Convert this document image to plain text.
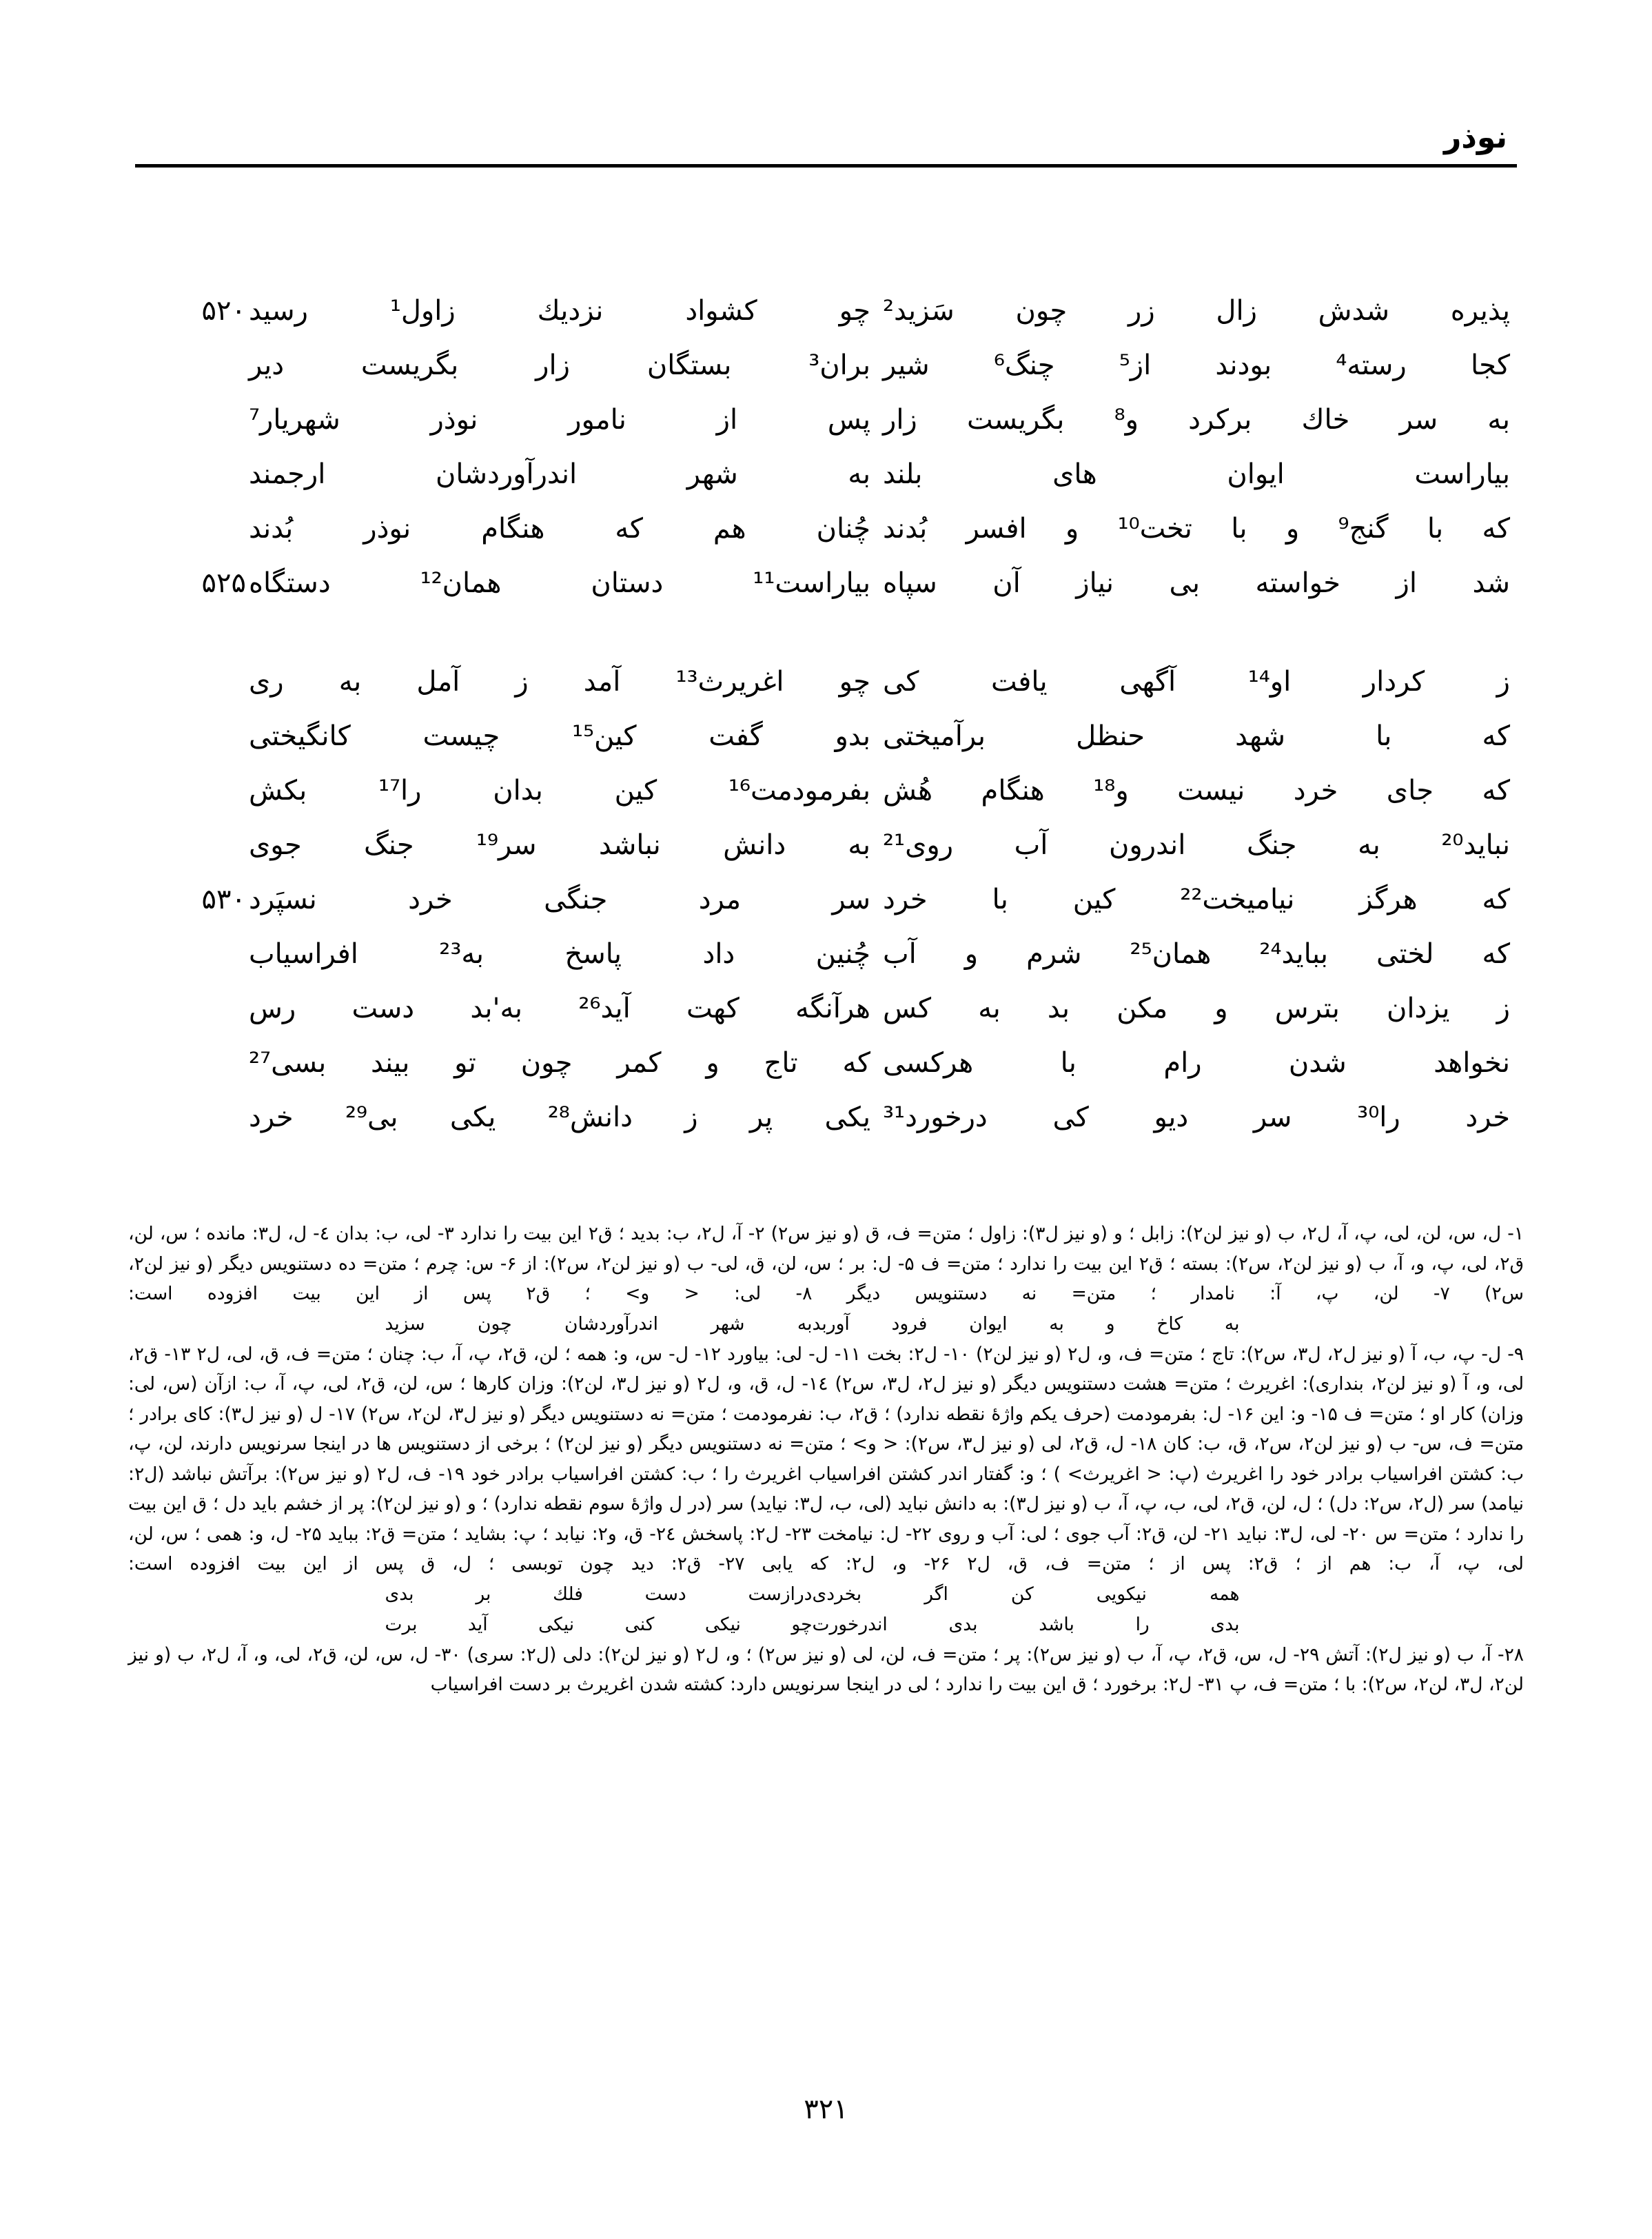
نوذر
پذیره شدش زال زر چون سَزید²
چو کشواد نزدیك زاول¹ رسید
۵۲۰
کجا رسته⁴ بودند از⁵ چنگ⁶ شیر
بران³ بستگان زار بگریست دیر
به سر خاك برکرد و⁸ بگریست زار
پس از نامور نوذر شهریار⁷
بیاراست ایوان های بلند
به شهر اندرآوردشان ارجمند
که با گنج⁹ و با تخت¹⁰ و افسر بُدند
چُنان هم که هنگام نوذر بُدند
شد از خواسته بی نیاز آن سپاه
بیاراست¹¹ دستان همان¹² دستگاه
۵۲۵
ز کردار او¹⁴ آگهی یافت کی
چو اغریرث¹³ آمد ز آمل به ری
که با شهد حنظل برآمیختی
بدو گفت کین¹⁵ چیست کانگیختی
که جای خرد نیست و¹⁸ هنگام هُش
بفرمودمت¹⁶ کین بدان را¹⁷ بکش
نباید²⁰ به جنگ اندرون آب روی²¹
به دانش نباشد سر¹⁹ جنگ جوی
که هرگز نیامیخت²² کین با خرد
سر مرد جنگی خرد نسپَرد
۵۳۰
که لختی بباید²⁴ همان²⁵ شرم و آب
چُنین داد پاسخ به²³ افراسیاب
ز یزدان بترس و مکن بد به کس
هرآنگه کهت آید²⁶ به'بد دست رس
نخواهد شدن رام با هرکسی
که تاج و کمر چون تو بیند بسی²⁷
خرد را³⁰ سر دیو کی درخورد³¹
یکی پر ز دانش²⁸ یکی بی²⁹ خرد

۱- ل، س، لن، لی، پ، آ، ل۲، ب (و نیز لن۲): زابل ؛ و (و نیز ل۳): زاول ؛ متن= ف، ق (و نیز س۲) ۲- آ، ل۲، ب: بدید ؛ ق۲ این بیت را ندارد ۳- لی، ب: بدان ٤- ل، ل۳: مانده ؛ س، لن، ق۲، لی، پ، و، آ، ب (و نیز لن۲، س۲): بسته ؛ ق۲ این بیت را ندارد ؛ متن= ف ۵- ل: بر ؛ س، لن، ق، لی- ب (و نیز لن۲، س۲): از ۶- س: چرم ؛ متن= ده دستنویس دیگر (و نیز لن۲، س۲) ۷- لن، پ، آ: نامدار ؛ متن= نه دستنویس دیگر ۸- لی: < و> ؛ ق۲ پس از این بیت افزوده است:

به کاخ و به ایوان فرود آوربدبه شهر اندرآوردشان چون سزید

۹- ل- پ، ب، آ (و نیز ل۲، ل۳، س۲): تاج ؛ متن= ف، و، ل۲ (و نیز لن۲) ۱۰- ل۲: بخت ۱۱- ل- لی: بیاورد ۱۲- ل- س، و: همه ؛ لن، ق۲، پ، آ، ب: چنان ؛ متن= ف، ق، لی، ل۲ ۱۳- ق۲، لی، و، آ (و نیز لن۲، بنداری): اغریرث ؛ متن= هشت دستنویس دیگر (و نیز ل۲، ل۳، س۲) ۱٤- ل، ق، و، ل۲ (و نیز ل۳، لن۲): وزان کارها ؛ س، لن، ق۲، لی، پ، آ، ب: ازآن (س، لی: وزان) کار او ؛ متن= ف ۱۵- و: این ۱۶- ل: بفرمودمت (حرف یکم واژهٔ نقطه ندارد) ؛ ق۲، ب: نفرمودمت ؛ متن= نه دستنویس دیگر (و نیز ل۳، لن۲، س۲) ۱۷- ل (و نیز ل۳): کای برادر ؛ متن= ف، س- ب (و نیز لن۲، س۲، ق، ب: کان ۱۸- ل، ق۲، لی (و نیز ل۳، س۲): < و> ؛ متن= نه دستنویس دیگر (و نیز لن۲) ؛ برخی از دستنویس ها در اینجا سرنویس دارند، لن، پ، ب: کشتن افراسیاب برادر خود را اغریرث (پ: < اغریرث> ) ؛ و: گفتار اندر کشتن افراسیاب اغریرث را ؛ ب: کشتن افراسیاب برادر خود ۱۹- ف، ل۲ (و نیز س۲): برآتش نباشد (ل۲: نیامد) سر (ل۲، س۲: دل) ؛ ل، لن، ق۲، لی، ب، پ، آ، ب (و نیز ل۳): به دانش نباید (لی، ب، ل۳: نیاید) سر (در ل واژهٔ سوم نقطه ندارد) ؛ و (و نیز لن۲): پر از خشم باید دل ؛ ق این بیت را ندارد ؛ متن= س ۲۰- لی، ل۳: نباید ۲۱- لن، ق۲: آب جوی ؛ لی: آب و روی ۲۲- ل: نیامخت ۲۳- ل۲: پاسخش ۲٤- ق، و۲: نیابد ؛ پ: بشاید ؛ متن= ق۲: بباید ۲۵- ل، و: همی ؛ س، لن، لی، پ، آ، ب: هم از ؛ ق۲: پس از ؛ متن= ف، ق، ل۲ ۲۶- و، ل۲: که یابی ۲۷- ق۲: دید چون توبسی ؛ ل، ق پس از این بیت افزوده است:

همه نیکویی کن اگر بخردیدرازست دست فلك بر بدی
بدی را باشد بدی اندرخورتچو نیکی کنی نیکی آید برت

۲۸- آ، ب (و نیز ل۲): آتش ۲۹- ل، س، ق۲، پ، آ، ب (و نیز س۲): پر ؛ متن= ف، لن، لی (و نیز س۲) ؛ و، ل۲ (و نیز لن۲): دلی (ل۲: سری) ۳۰- ل، س، لن، ق۲، لی، و، آ، ل۲، ب (و نیز لن۲، ل۳، لن۲، س۲): با ؛ متن= ف، پ ۳۱- ل۲: برخورد ؛ ق این بیت را ندارد ؛ لی در اینجا سرنویس دارد: کشته شدن اغریرث بر دست افراسیاب

۳۲۱
